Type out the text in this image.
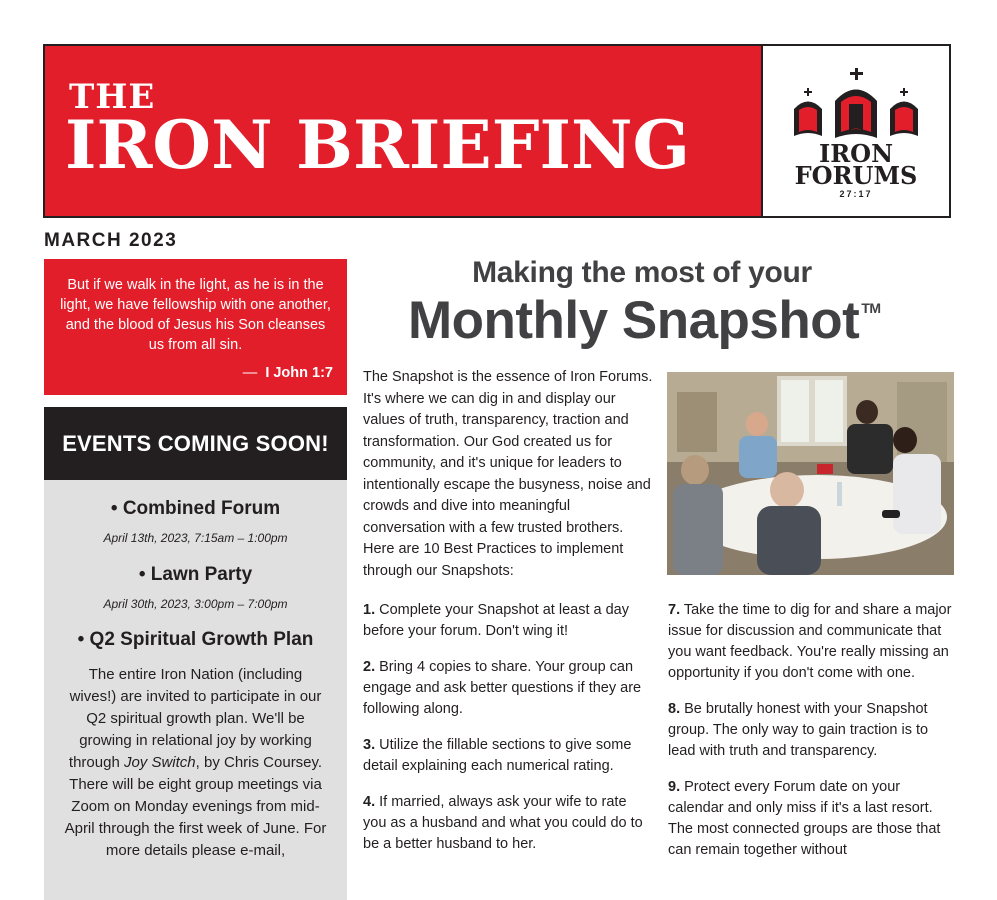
THE
IRON BRIEFING	IRON
FORUMS
27:17
MARCH 2023
But if we walk in the light, as he is in the light, we have fellowship with one another, and the blood of Jesus his Son cleanses us from all sin.
— I John 1:7
EVENTS COMING SOON!
• Combined Forum
April 13th, 2023, 7:15am – 1:00pm
• Lawn Party
April 30th, 2023, 3:00pm – 7:00pm
• Q2 Spiritual Growth Plan
The entire Iron Nation (including wives!) are invited to participate in our Q2 spiritual growth plan. We'll be growing in relational joy by working through Joy Switch, by Chris Coursey. There will be eight group meetings via Zoom on Monday evenings from mid-April through the first week of June. For more details please e-mail,
Making the most of your
Monthly Snapshot ™
The Snapshot is the essence of Iron Forums. It's where we can dig in and display our values of truth, transparency, traction and transformation. Our God created us for community, and it's unique for leaders to intentionally escape the busyness, noise and crowds and dive into meaningful conversation with a few trusted brothers. Here are 10 Best Practices to implement through our Snapshots:

1. Complete your Snapshot at least a day before your forum. Don't wing it!

2. Bring 4 copies to share. Your group can engage and ask better questions if they are following along.

3. Utilize the fillable sections to give some detail explaining each numerical rating.

4. If married, always ask your wife to rate you as a husband and what you could do to be a better husband to her.

7. Take the time to dig for and share a major issue for discussion and communicate that you want feedback. You're really missing an opportunity if you don't come with one.

8. Be brutally honest with your Snapshot group. The only way to gain traction is to lead with truth and transparency.

9. Protect every Forum date on your calendar and only miss if it's a last resort. The most connected groups are those that can remain together without
